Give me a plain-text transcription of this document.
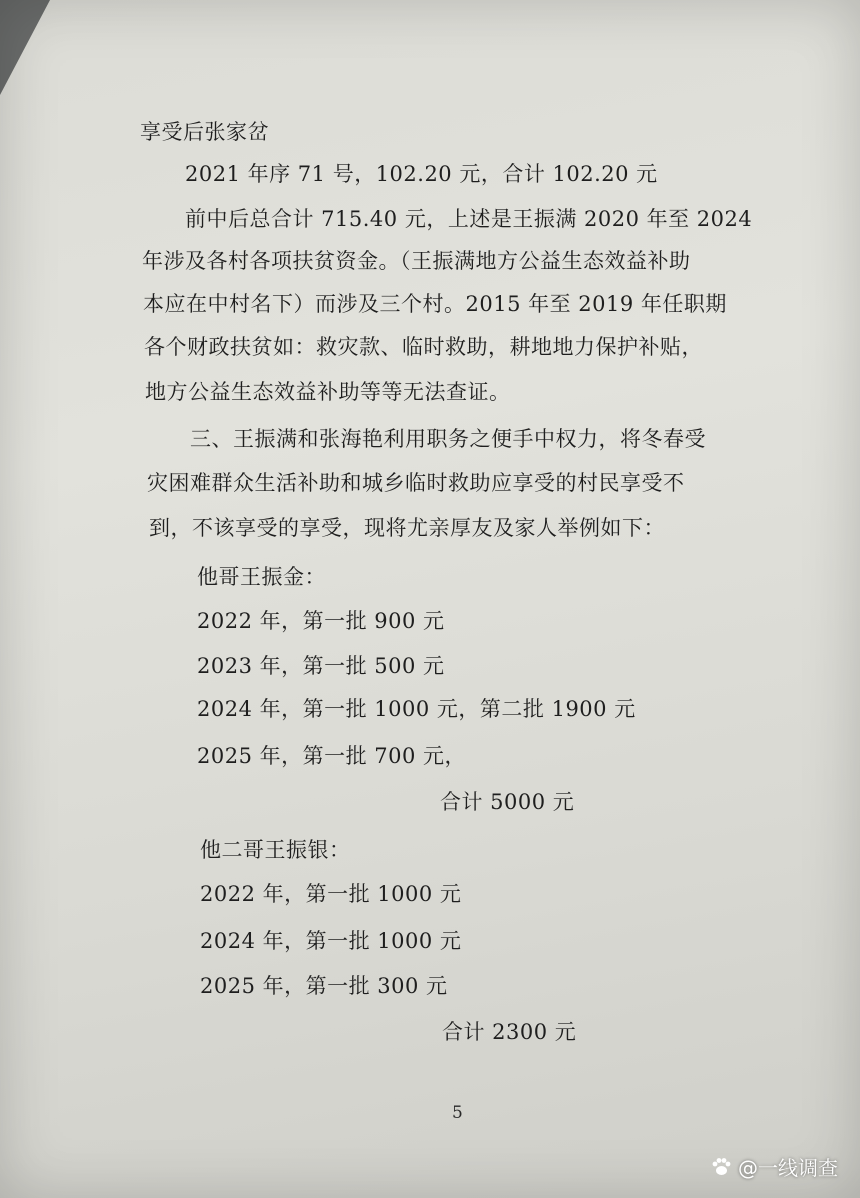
享受后张家岔
2021 年序 71 号，102.20 元，合计 102.20 元
前中后总合计 715.40 元，上述是王振满 2020 年至 2024
年涉及各村各项扶贫资金。（王振满地方公益生态效益补助
本应在中村名下）而涉及三个村。2015 年至 2019 年任职期
各个财政扶贫如：救灾款、临时救助，耕地地力保护补贴，
地方公益生态效益补助等等无法查证。
三、王振满和张海艳利用职务之便手中权力，将冬春受
灾困难群众生活补助和城乡临时救助应享受的村民享受不
到，不该享受的享受，现将尤亲厚友及家人举例如下：
他哥王振金：
2022 年，第一批 900 元
2023 年，第一批 500 元
2024 年，第一批 1000 元，第二批 1900 元
2025 年，第一批 700 元，
合计 5000 元
他二哥王振银：
2022 年，第一批 1000 元
2024 年，第一批 1000 元
2025 年，第一批 300 元
合计 2300 元
5
@一线调查
